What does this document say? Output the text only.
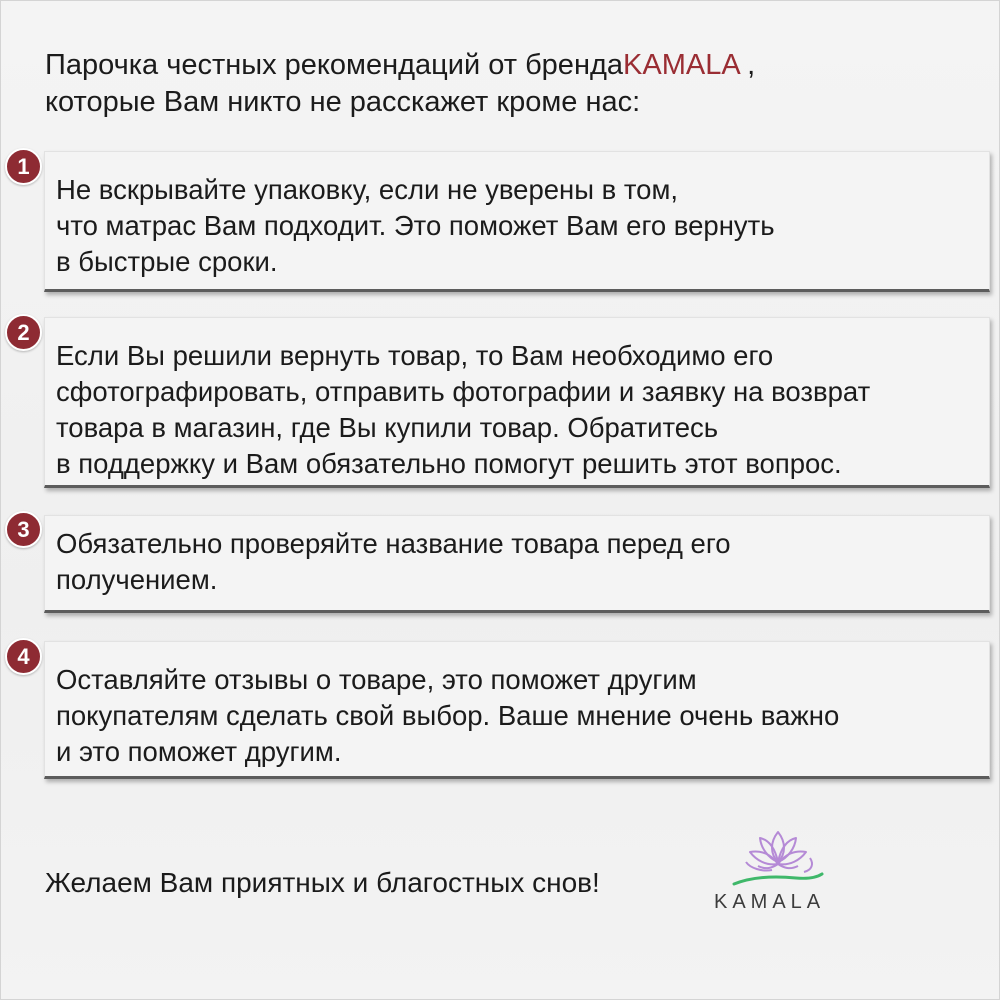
Парочка честных рекомендаций от брендаKAMALA ,
которые Вам никто не расскажет кроме нас:
Не вскрывайте упаковку, если не уверены в том,
что матрас Вам подходит. Это поможет Вам его вернуть
в быстрые сроки.
1
Если Вы решили вернуть товар, то Вам необходимо его
сфотографировать, отправить фотографии и заявку на возврат
товара в магазин, где Вы купили товар. Обратитесь
в поддержку и Вам обязательно помогут решить этот вопрос.
2
Обязательно проверяйте название товара перед его
получением.
3
Оставляйте отзывы о товаре, это поможет другим
покупателям сделать свой выбор. Ваше мнение очень важно
и это поможет другим.
4
Желаем Вам приятных и благостных снов!
KAMALA
